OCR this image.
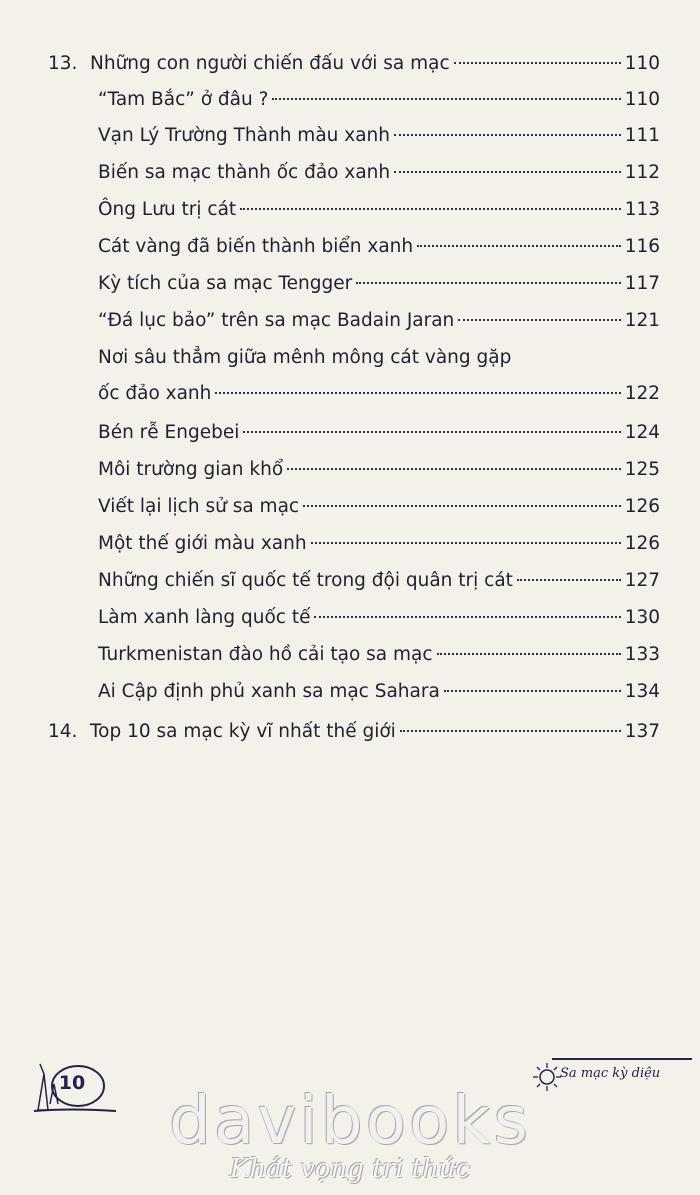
13. Những con người chiến đấu với sa mạc	110
“Tam Bắc” ở đâu ?	110
Vạn Lý Trường Thành màu xanh	111
Biến sa mạc thành ốc đảo xanh	112
Ông Lưu trị cát	113
Cát vàng đã biến thành biển xanh	116
Kỳ tích của sa mạc Tengger	117
“Đá lục bảo” trên sa mạc Badain Jaran	121
Nơi sâu thẳm giữa mênh mông cát vàng gặp
ốc đảo xanh	122
Bén rễ Engebei	124
Môi trường gian khổ	125
Viết lại lịch sử sa mạc	126
Một thế giới màu xanh	126
Những chiến sĩ quốc tế trong đội quân trị cát	127
Làm xanh làng quốc tế	130
Turkmenistan đào hồ cải tạo sa mạc	133
Ai Cập định phủ xanh sa mạc Sahara	134
14. Top 10 sa mạc kỳ vĩ nhất thế giới	137
10	Sa mạc kỳ diệu
davibooks
Khát vọng tri thức
